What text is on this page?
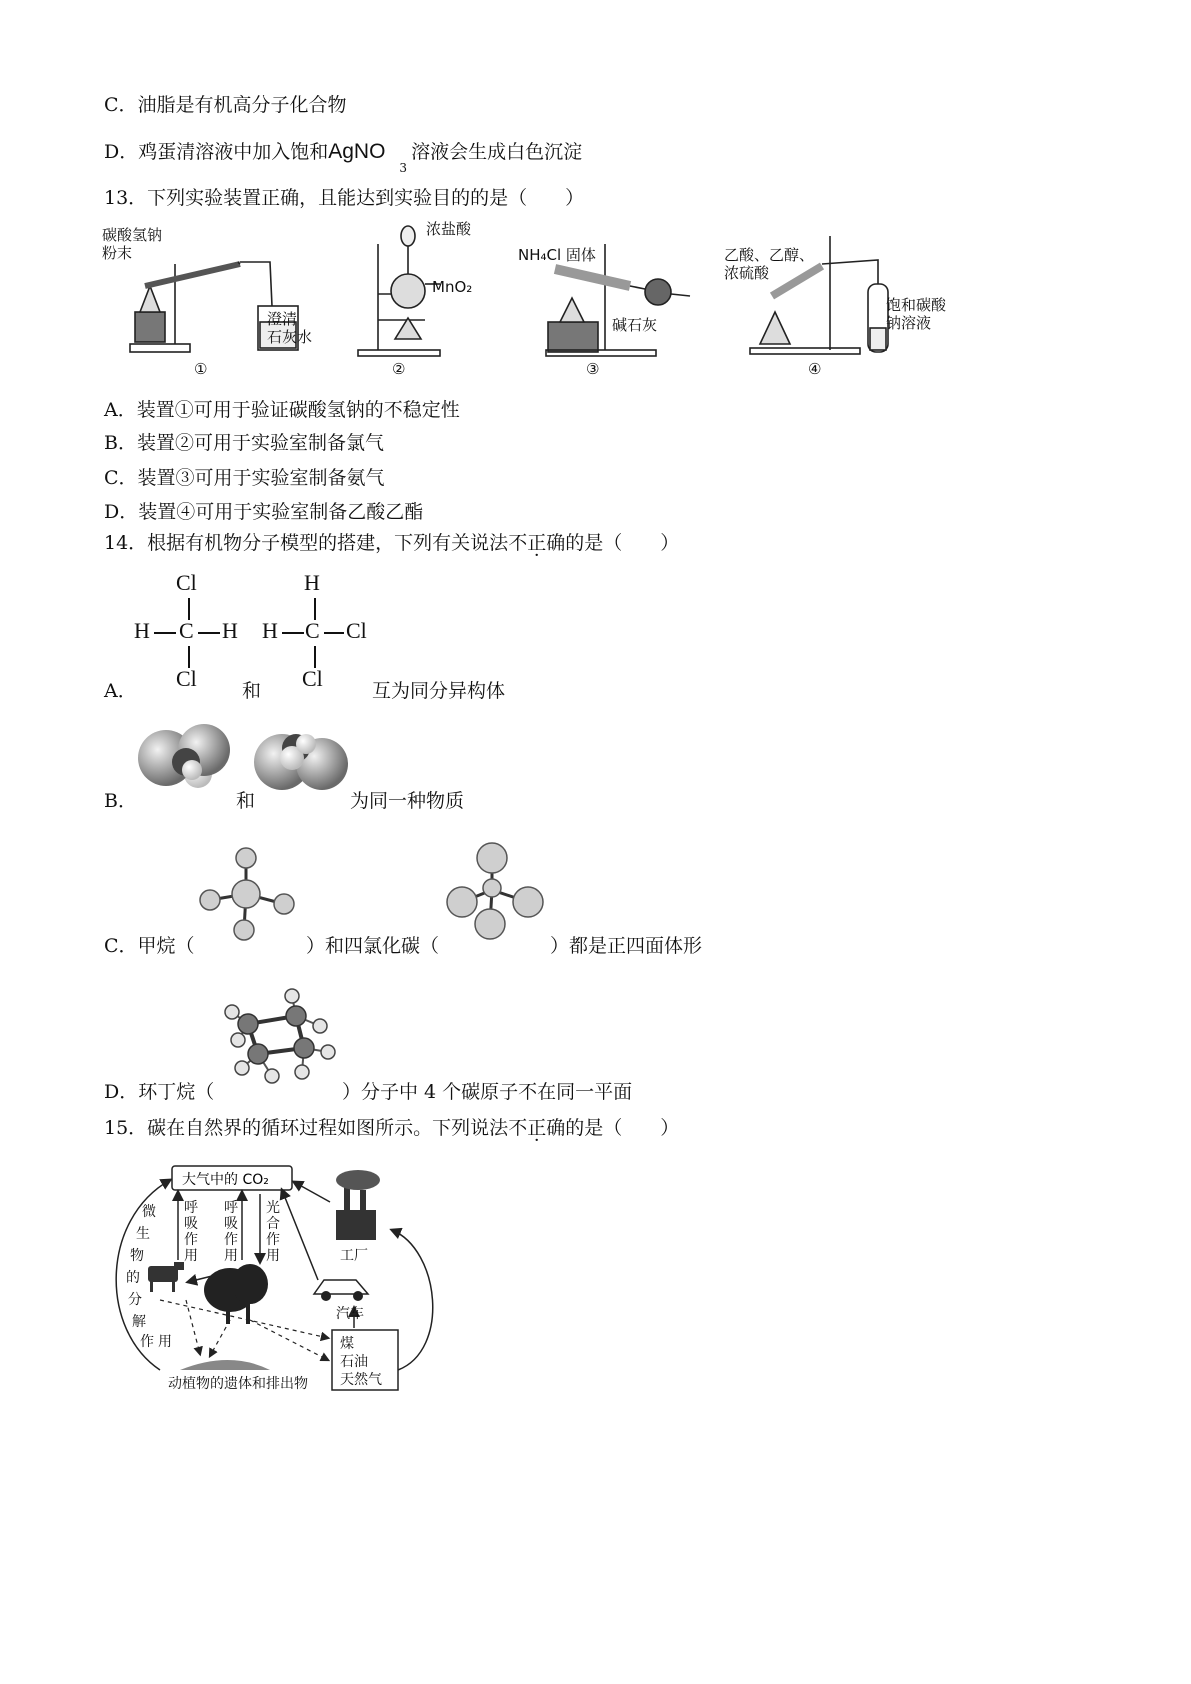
C．油脂是有机高分子化合物
D．鸡蛋清溶液中加入饱和AgNO$_3$溶液会生成白色沉淀
13．下列实验装置正确，且能达到实验目的的是（　　）
碳酸氢钠
粉末
澄清
石灰水
浓盐酸
MnO₂
NH₄Cl 固体
碱石灰
乙酸、乙醇、
浓硫酸
饱和碳酸
钠溶液
①	②	③	④
A．装置①可用于验证碳酸氢钠的不稳定性
B．装置②可用于实验室制备氯气
C．装置③可用于实验室制备氨气
D．装置④可用于实验室制备乙酸乙酯
14．根据有机物分子模型的搭建，下列有关说法不正确的是（　　）
Cl
H C H
Cl
H
H C Cl
Cl
A．	和	互为同分异构体
B．	和	为同一种物质
C．甲烷（	）和四氯化碳（	）都是正四面体形
D．环丁烷（	）分子中 4 个碳原子不在同一平面
15．碳在自然界的循环过程如图所示。下列说法不正确的是（　　）
大气中的 CO₂
呼
吸
作
用
呼
吸
作
用
光
合
作
用
微
生
物
的
分
解
作 用
工厂
汽车
煤
石油
天然气
动植物的遗体和排出物
